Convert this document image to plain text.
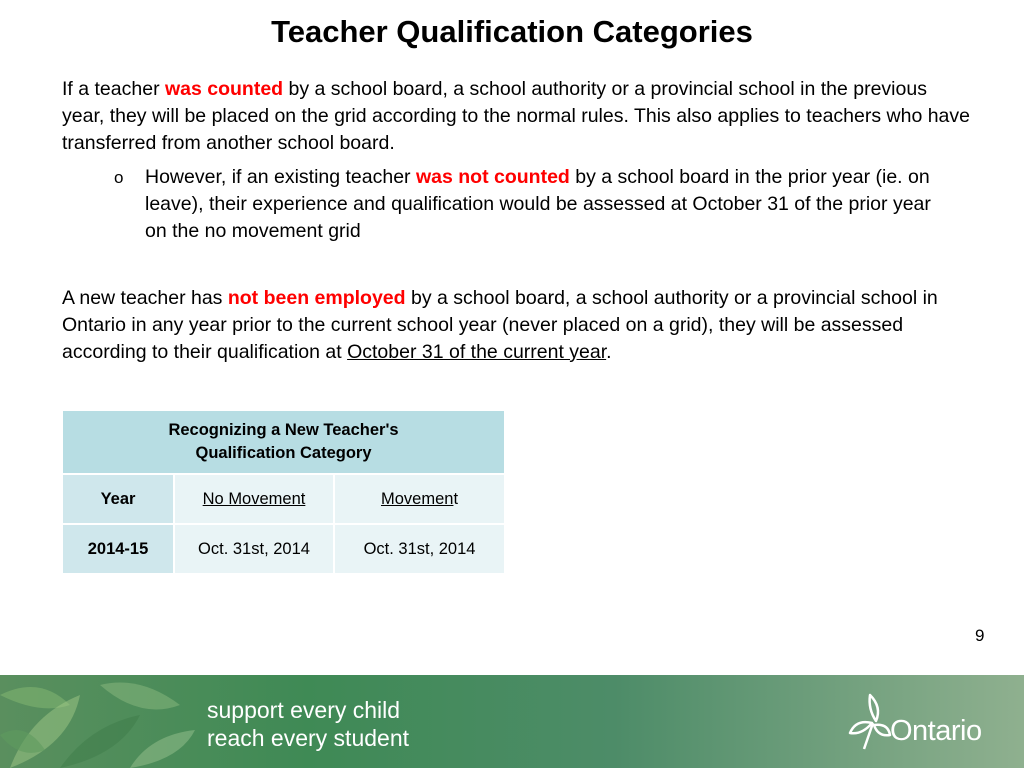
Teacher Qualification Categories
If a teacher was counted by a school board, a school authority or a provincial school in the previous year, they will be placed on the grid according to the normal rules. This also applies to teachers who have transferred from another school board.
o However, if an existing teacher was not counted by a school board in the prior year (ie. on leave), their experience and qualification would be assessed at October 31 of the prior year on the no movement grid
A new teacher has not been employed by a school board, a school authority or a provincial school in Ontario in any year prior to the current school year (never placed on a grid), they will be assessed according to their qualification at October 31 of the current year.
Recognizing a New Teacher's
Qualification Category		
Year	No Movement	Movement
2014-15	Oct. 31st, 2014	Oct. 31st, 2014
9
support every child
reach every student	Ontario
